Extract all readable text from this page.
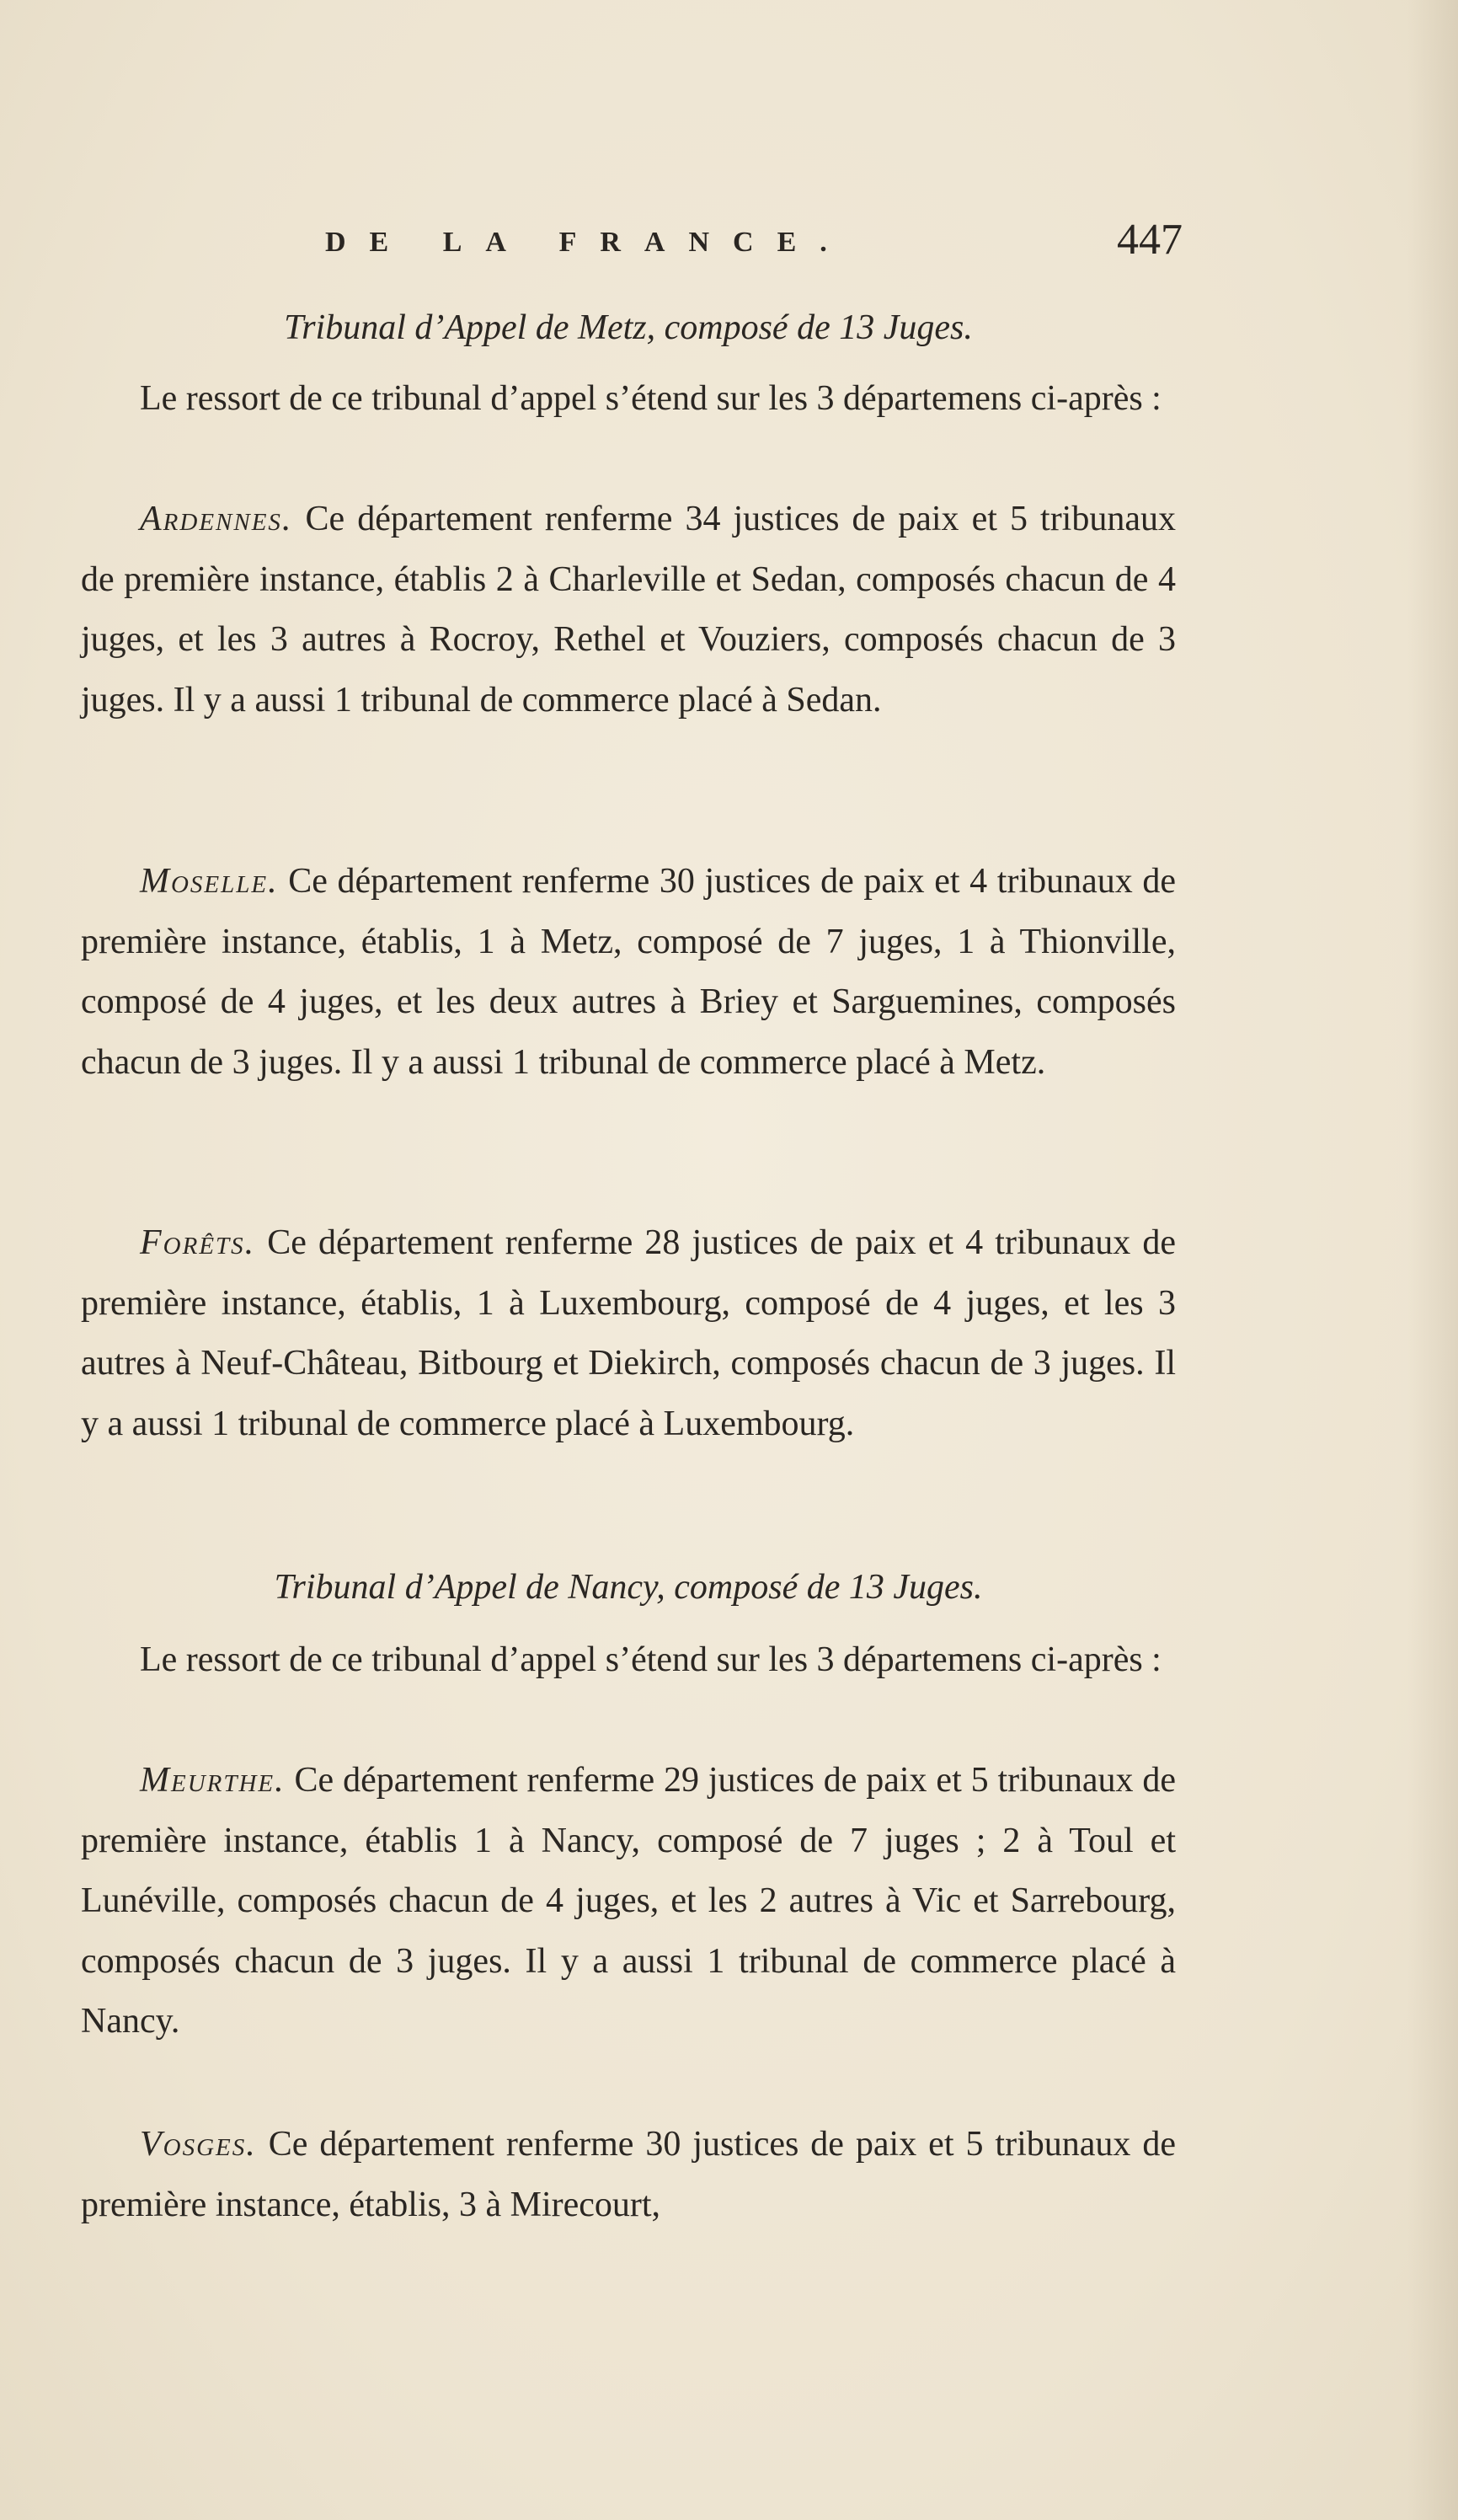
DE LA FRANCE.	447
Tribunal d’Appel de Metz, composé de 13 Juges.

Le ressort de ce tribunal d’appel s’étend sur les 3 départemens ci-après :

Ardennes. Ce département renferme 34 justices de paix et 5 tribunaux de première instance, établis 2 à Charleville et Sedan, composés chacun de 4 juges, et les 3 autres à Rocroy, Rethel et Vouziers, composés chacun de 3 juges. Il y a aussi 1 tribunal de commerce placé à Sedan.

Moselle. Ce département renferme 30 justices de paix et 4 tribunaux de première instance, établis, 1 à Metz, composé de 7 juges, 1 à Thionville, composé de 4 juges, et les deux autres à Briey et Sarguemines, composés chacun de 3 juges. Il y a aussi 1 tribunal de commerce placé à Metz.

Forêts. Ce département renferme 28 justices de paix et 4 tribunaux de première instance, établis, 1 à Luxembourg, composé de 4 juges, et les 3 autres à Neuf-Château, Bitbourg et Diekirch, composés chacun de 3 juges. Il y a aussi 1 tribunal de commerce placé à Luxembourg.

Tribunal d’Appel de Nancy, composé de 13 Juges.

Le ressort de ce tribunal d’appel s’étend sur les 3 départemens ci-après :

Meurthe. Ce département renferme 29 justices de paix et 5 tribunaux de première instance, établis 1 à Nancy, composé de 7 juges ; 2 à Toul et Lunéville, composés chacun de 4 juges, et les 2 autres à Vic et Sarrebourg, composés chacun de 3 juges. Il y a aussi 1 tribunal de commerce placé à Nancy.

Vosges. Ce département renferme 30 justices de paix et 5 tribunaux de première instance, établis, 3 à Mirecourt,
